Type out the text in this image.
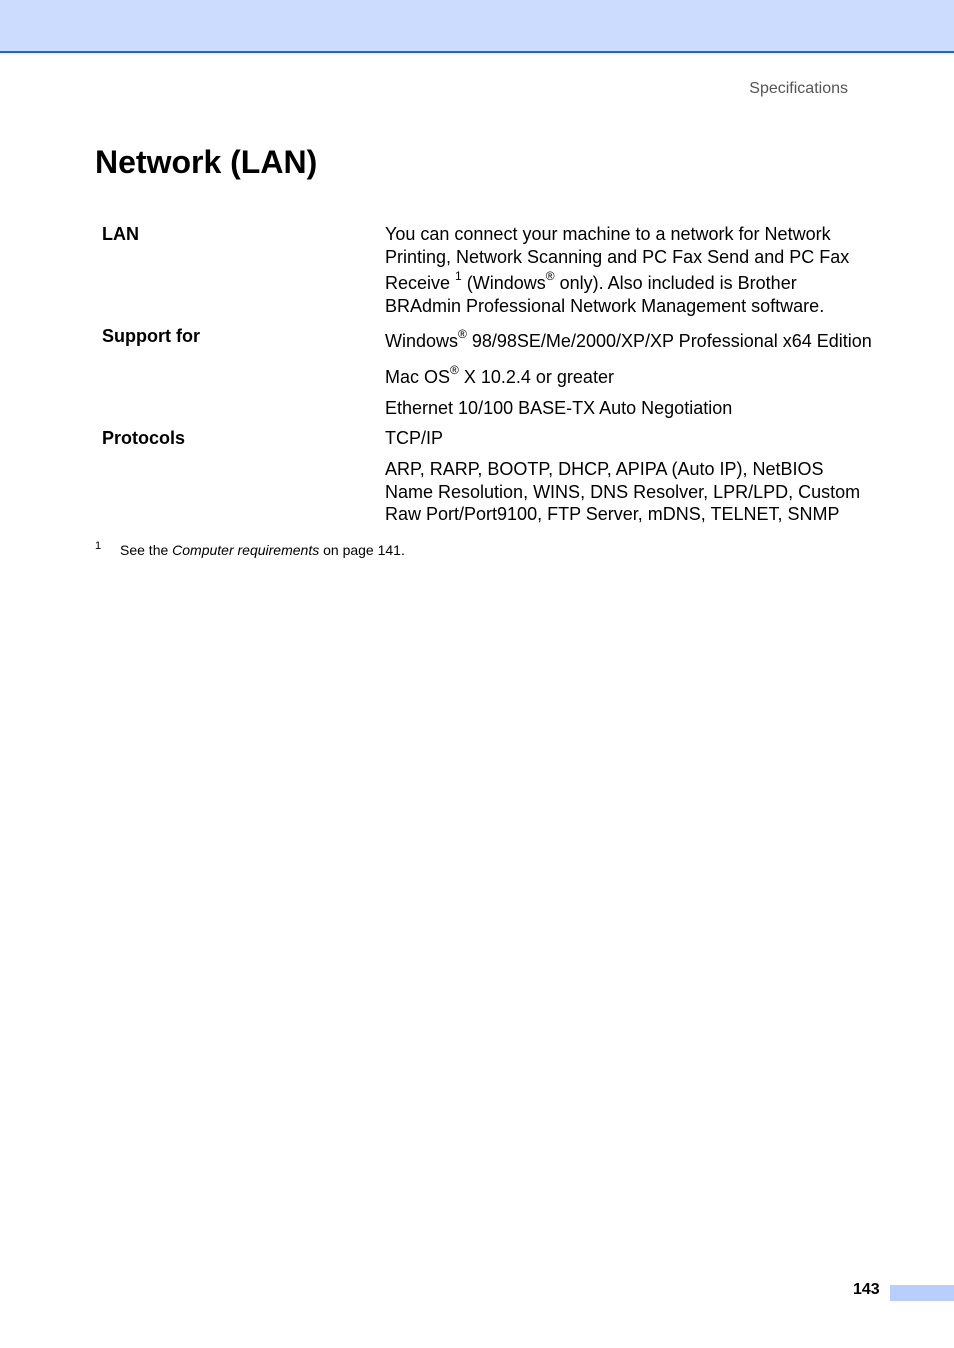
Specifications
Network (LAN)
LAN	You can connect your machine to a network for Network
Printing, Network Scanning and PC Fax Send and PC Fax
Receive $^1$ (Windows® only). Also included is Brother
BRAdmin Professional Network Management software.
Support for	Windows® 98/98SE/Me/2000/XP/XP Professional x64 Edition
Mac OS® X 10.2.4 or greater
Ethernet 10/100 BASE-TX Auto Negotiation
Protocols	TCP/IP
ARP, RARP, BOOTP, DHCP, APIPA (Auto IP), NetBIOS
Name Resolution, WINS, DNS Resolver, LPR/LPD, Custom
Raw Port/Port9100, FTP Server, mDNS, TELNET, SNMP
1 See the Computer requirements on page 141.
143
